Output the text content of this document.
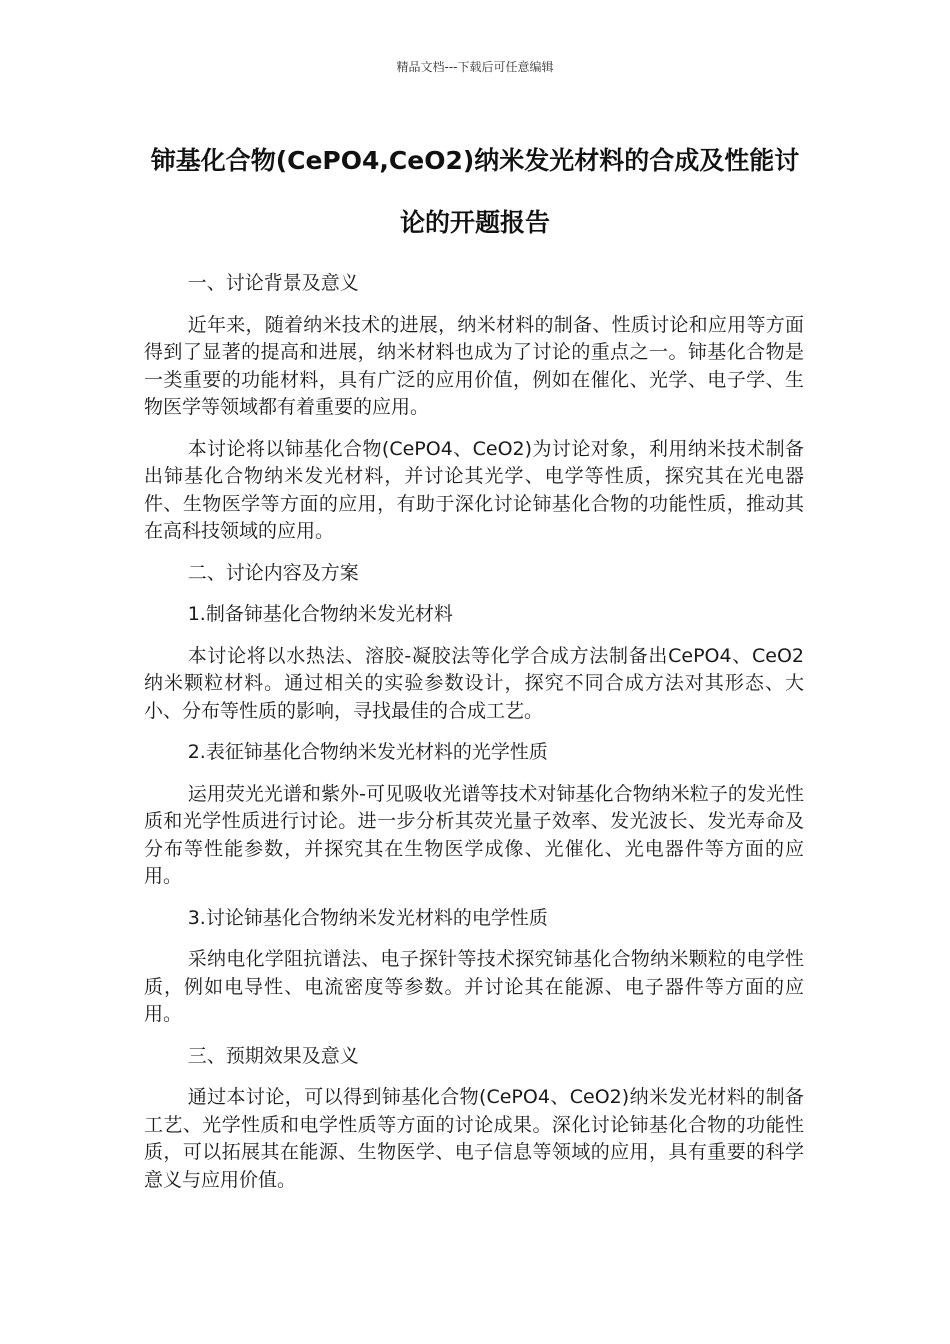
精品文档---下载后可任意编辑
铈基化合物(CePO4,CeO2)纳米发光材料的合成及性能讨论的开题报告

一、讨论背景及意义

近年来，随着纳米技术的进展，纳米材料的制备、性质讨论和应用等方面得到了显著的提高和进展，纳米材料也成为了讨论的重点之一。铈基化合物是一类重要的功能材料，具有广泛的应用价值，例如在催化、光学、电子学、生物医学等领域都有着重要的应用。

本讨论将以铈基化合物(CePO4、CeO2)为讨论对象，利用纳米技术制备出铈基化合物纳米发光材料，并讨论其光学、电学等性质，探究其在光电器件、生物医学等方面的应用，有助于深化讨论铈基化合物的功能性质，推动其在高科技领域的应用。

二、讨论内容及方案

1.制备铈基化合物纳米发光材料

本讨论将以水热法、溶胶-凝胶法等化学合成方法制备出CePO4、CeO2 纳米颗粒材料。通过相关的实验参数设计，探究不同合成方法对其形态、大小、分布等性质的影响，寻找最佳的合成工艺。

2.表征铈基化合物纳米发光材料的光学性质

运用荧光光谱和紫外-可见吸收光谱等技术对铈基化合物纳米粒子的发光性质和光学性质进行讨论。进一步分析其荧光量子效率、发光波长、发光寿命及分布等性能参数，并探究其在生物医学成像、光催化、光电器件等方面的应用。

3.讨论铈基化合物纳米发光材料的电学性质

采纳电化学阻抗谱法、电子探针等技术探究铈基化合物纳米颗粒的电学性质，例如电导性、电流密度等参数。并讨论其在能源、电子器件等方面的应用。

三、预期效果及意义

通过本讨论，可以得到铈基化合物(CePO4、CeO2)纳米发光材料的制备工艺、光学性质和电学性质等方面的讨论成果。深化讨论铈基化合物的功能性质，可以拓展其在能源、生物医学、电子信息等领域的应用，具有重要的科学意义与应用价值。
